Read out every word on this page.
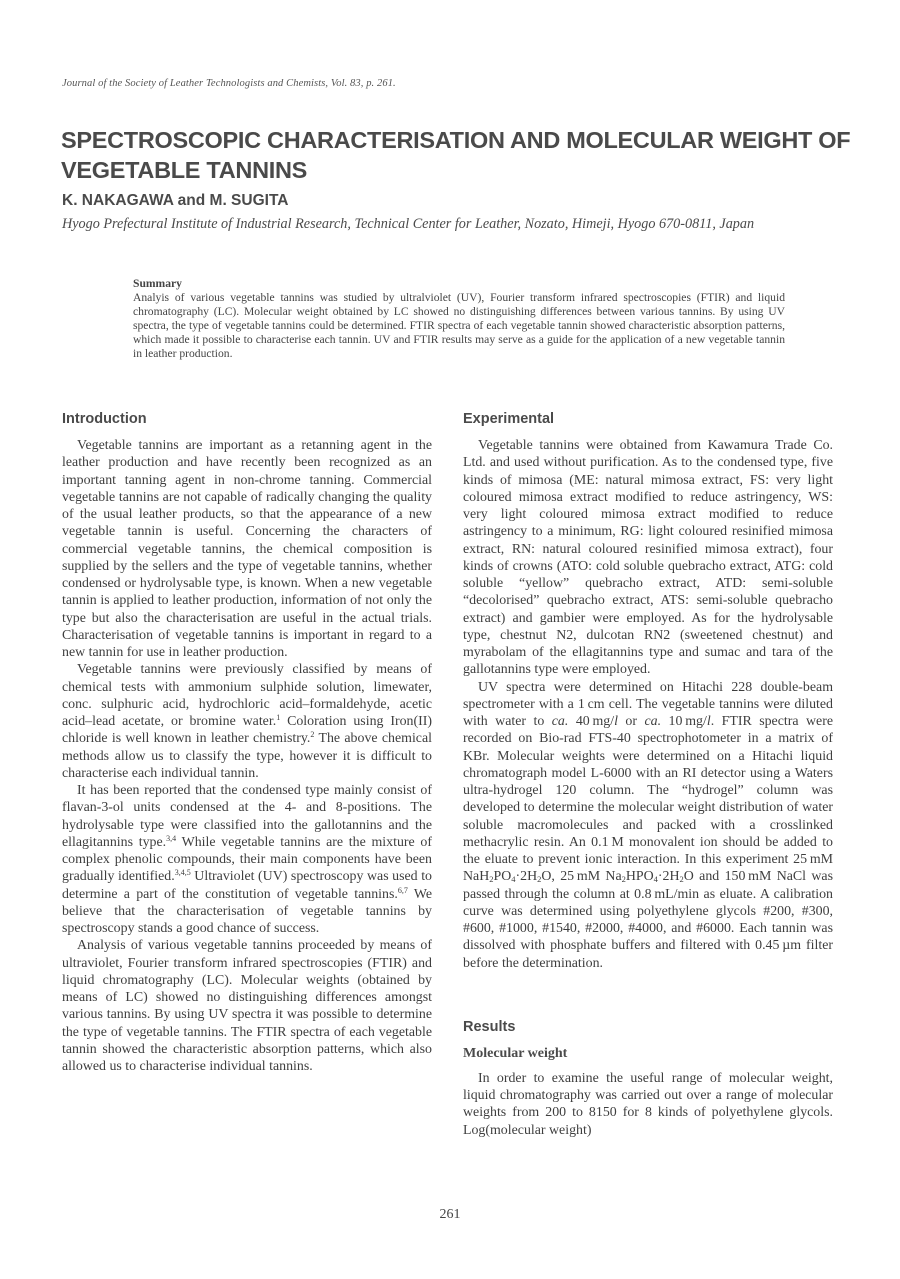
Journal of the Society of Leather Technologists and Chemists, Vol. 83, p. 261.
SPECTROSCOPIC CHARACTERISATION AND MOLECULAR WEIGHT OF VEGETABLE TANNINS
K. NAKAGAWA and M. SUGITA
Hyogo Prefectural Institute of Industrial Research, Technical Center for Leather, Nozato, Himeji, Hyogo 670-0811, Japan
Summary
Analyis of various vegetable tannins was studied by ultralviolet (UV), Fourier transform infrared spectroscopies (FTIR) and liquid chromatography (LC). Molecular weight obtained by LC showed no distinguishing differences between various tannins. By using UV spectra, the type of vegetable tannins could be determined. FTIR spectra of each vegetable tannin showed characteristic absorption patterns, which made it possible to characterise each tannin. UV and FTIR results may serve as a guide for the application of a new vegetable tannin in leather production.
Introduction

Vegetable tannins are important as a retanning agent in the leather production and have recently been recognized as an important tanning agent in non-chrome tanning. Commercial vegetable tannins are not capable of radically changing the quality of the usual leather products, so that the appearance of a new vegetable tannin is useful. Concerning the characters of commercial vegetable tannins, the chemical composition is supplied by the sellers and the type of vegetable tannins, whether condensed or hydrolysable type, is known. When a new vegetable tannin is applied to leather production, information of not only the type but also the characterisation are useful in the actual trials. Characterisation of vegetable tannins is important in regard to a new tannin for use in leather production.

Vegetable tannins were previously classified by means of chemical tests with ammonium sulphide solution, limewater, conc. sulphuric acid, hydrochloric acid–formaldehyde, acetic acid–lead acetate, or bromine water.$^1$ Coloration using Iron(II) chloride is well known in leather chemistry.$^2$ The above chemical methods allow us to classify the type, however it is difficult to characterise each individual tannin.

It has been reported that the condensed type mainly consist of flavan-3-ol units condensed at the 4- and 8-positions. The hydrolysable type were classified into the gallotannins and the ellagitannins type.$^{3,4}$ While vegetable tannins are the mixture of complex phenolic compounds, their main components have been gradually identified.$^{3,4,5}$ Ultraviolet (UV) spectroscopy was used to determine a part of the constitution of vegetable tannins.$^{6,7}$ We believe that the characterisation of vegetable tannins by spectroscopy stands a good chance of success.

Analysis of various vegetable tannins proceeded by means of ultraviolet, Fourier transform infrared spectroscopies (FTIR) and liquid chromatography (LC). Molecular weights (obtained by means of LC) showed no distinguishing differences amongst various tannins. By using UV spectra it was possible to determine the type of vegetable tannins. The FTIR spectra of each vegetable tannin showed the characteristic absorption patterns, which also allowed us to characterise individual tannins.

Experimental

Vegetable tannins were obtained from Kawamura Trade Co. Ltd. and used without purification. As to the condensed type, five kinds of mimosa (ME: natural mimosa extract, FS: very light coloured mimosa extract modified to reduce astringency, WS: very light coloured mimosa extract modified to reduce astringency to a minimum, RG: light coloured resinified mimosa extract, RN: natural coloured resinified mimosa extract), four kinds of crowns (ATO: cold soluble quebracho extract, ATG: cold soluble “yellow” quebracho extract, ATD: semi-soluble “decolorised” quebracho extract, ATS: semi-soluble quebracho extract) and gambier were employed. As for the hydrolysable type, chestnut N2, dulcotan RN2 (sweetened chestnut) and myrabolam of the ellagitannins type and sumac and tara of the gallotannins type were employed.

UV spectra were determined on Hitachi 228 double-beam spectrometer with a 1 cm cell. The vegetable tannins were diluted with water to ca. 40 mg/l or ca. 10 mg/l. FTIR spectra were recorded on Bio-rad FTS-40 spectrophotometer in a matrix of KBr. Molecular weights were determined on a Hitachi liquid chromatograph model L-6000 with an RI detector using a Waters ultra-hydrogel 120 column. The “hydrogel” column was developed to determine the molecular weight distribution of water soluble macromolecules and packed with a crosslinked methacrylic resin. An 0.1 M monovalent ion should be added to the eluate to prevent ionic interaction. In this experiment 25 mM $NaH_2PO_4\cdot 2H_2O$, 25 mM $Na_2HPO_4\cdot 2H_2O$ and 150 mM NaCl was passed through the column at 0.8 mL/min as eluate. A calibration curve was determined using polyethylene glycols #200, #300, #600, #1000, #1540, #2000, #4000, and #6000. Each tannin was dissolved with phosphate buffers and filtered with 0.45 µm filter before the determination.

Results
Molecular weight

In order to examine the useful range of molecular weight, liquid chromatography was carried out over a range of molecular weights from 200 to 8150 for 8 kinds of polyethylene glycols. Log(molecular weight)

261
